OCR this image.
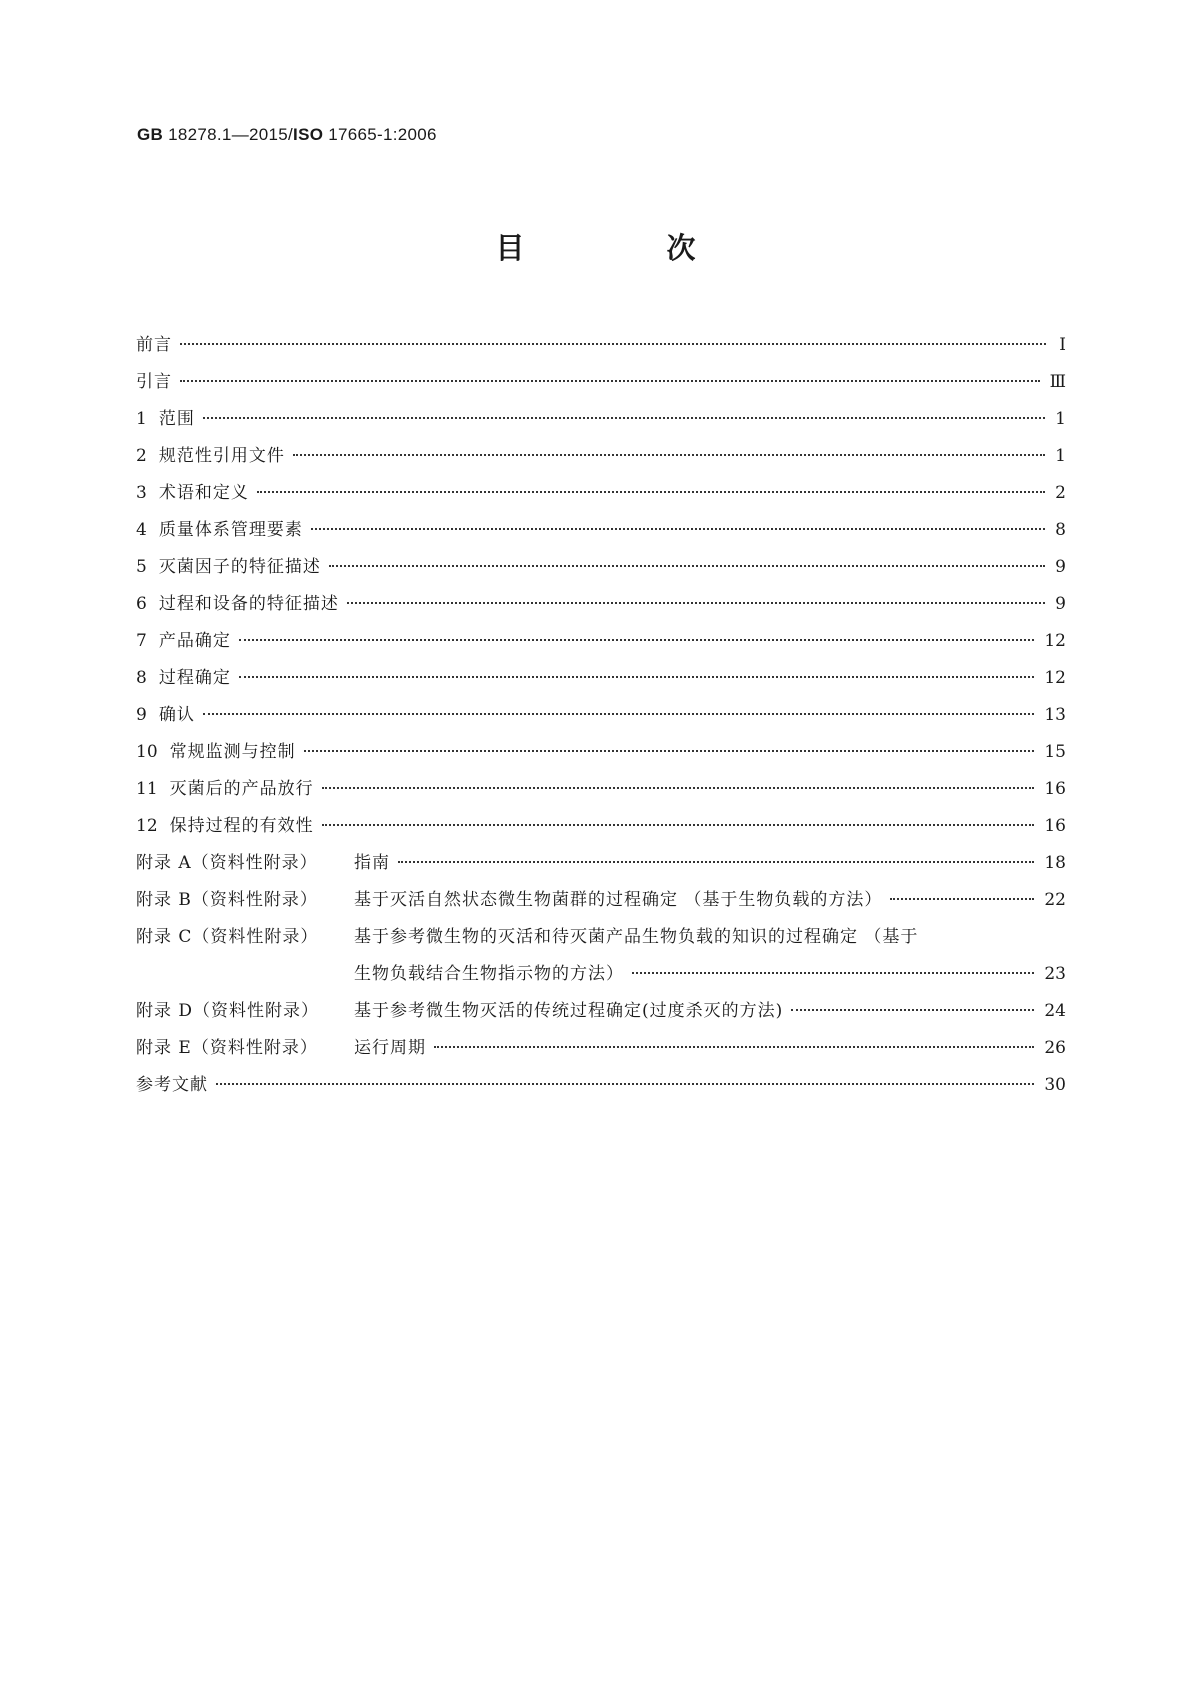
GB 18278.1—2015/ISO 17665-1:2006
目 次
前言	Ⅰ
引言	Ⅲ
1 范围	1
2 规范性引用文件	1
3 术语和定义	2
4 质量体系管理要素	8
5 灭菌因子的特征描述	9
6 过程和设备的特征描述	9
7 产品确定	12
8 过程确定	12
9 确认	13
10 常规监测与控制	15
11 灭菌后的产品放行	16
12 保持过程的有效性	16
附录 A（资料性附录）	指南	18
附录 B（资料性附录）	基于灭活自然状态微生物菌群的过程确定 （基于生物负载的方法）	22
附录 C（资料性附录）	基于参考微生物的灭活和待灭菌产品生物负载的知识的过程确定 （基于
生物负载结合生物指示物的方法）	23
附录 D（资料性附录）	基于参考微生物灭活的传统过程确定(过度杀灭的方法)	24
附录 E（资料性附录）	运行周期	26
参考文献	30
